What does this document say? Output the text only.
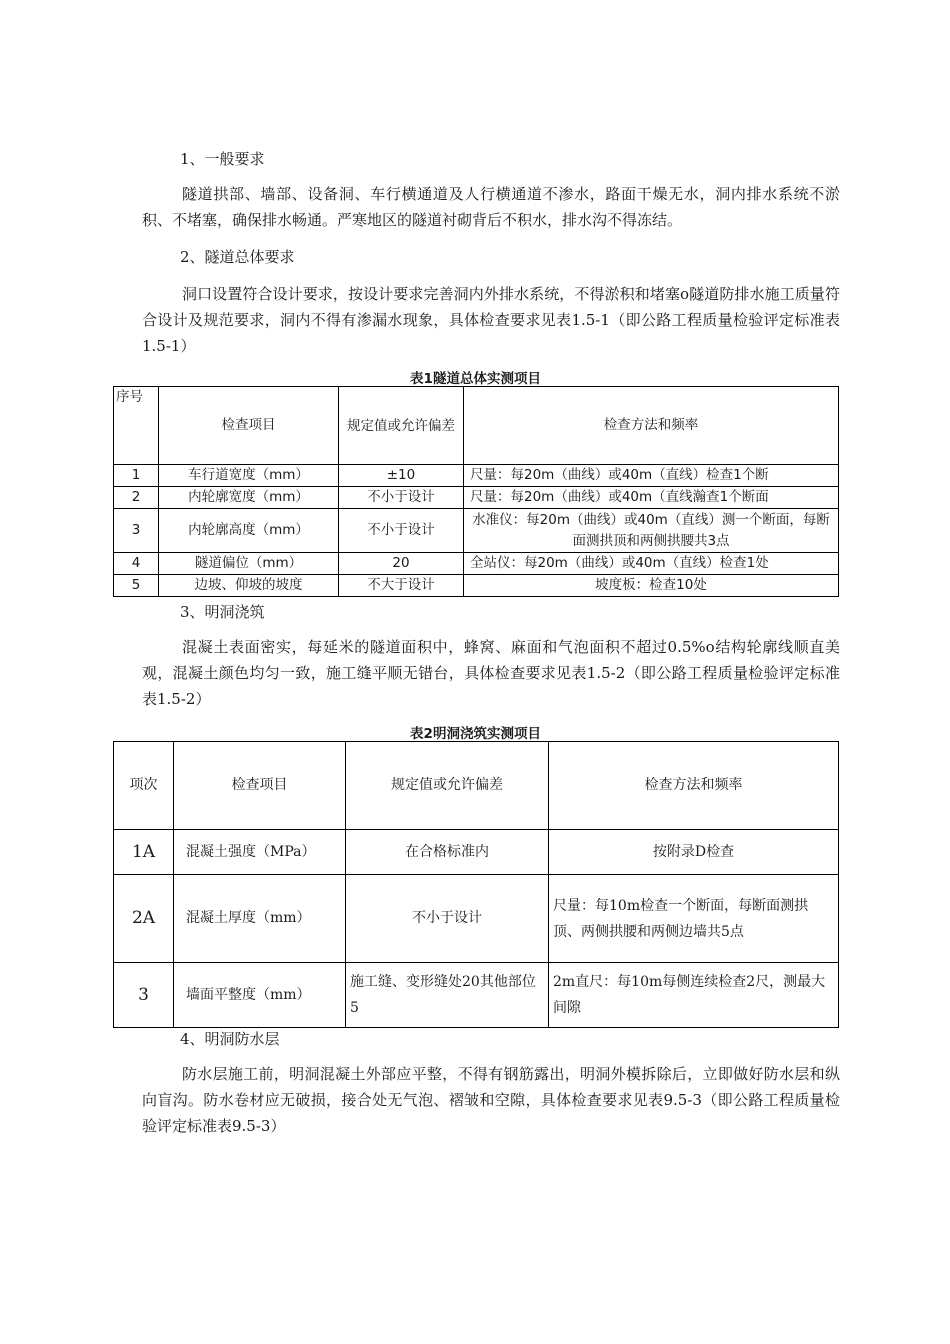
1、一般要求
隧道拱部、墙部、设备洞、车行横通道及人行横通道不渗水，路面干燥无水，洞内排水系统不淤积、不堵塞，确保排水畅通。严寒地区的隧道衬砌背后不积水，排水沟不得冻结。
2、隧道总体要求
洞口设置符合设计要求，按设计要求完善洞内外排水系统，不得淤积和堵塞o隧道防排水施工质量符合设计及规范要求，洞内不得有渗漏水现象，具体检查要求见表1.5-1（即公路工程质量检验评定标准表1.5-1）
表1隧道总体实测项目
序号	检查项目	规定值或允许偏差	检查方法和频率
1	车行道宽度（mm）	±10	尺量：每20m（曲线）或40m（直线）检查1个断
2	内轮廓宽度（mm）	不小于设计	尺量：每20m（曲线）或40m（直线瀚查1个断面
3	内轮廓高度（mm）	不小于设计	水准仪：每20m（曲线）或40m（直线）测一个断面，每断面测拱顶和两侧拱腰共3点
4	隧道偏位（mm）	20	全站仪：每20m（曲线）或40m（直线）检查1处
5	边坡、仰坡的坡度	不大于设计	坡度板：检查10处
3、明洞浇筑
混凝土表面密实，每延米的隧道面积中，蜂窝、麻面和气泡面积不超过0.5%o结构轮廓线顺直美观，混凝土颜色均匀一致，施工缝平顺无错台，具体检查要求见表1.5-2（即公路工程质量检验评定标准表1.5-2）
表2明洞浇筑实测项目
项次	检查项目	规定值或允许偏差	检查方法和频率
1A	混凝土强度（MPa）	在合格标准内	按附录D检查
2A	混凝土厚度（mm）	不小于设计	尺量：每10m检查一个断面，每断面测拱顶、两侧拱腰和两侧边墙共5点
3	墙面平整度（mm）	施工缝、变形缝处20其他部位5	2m直尺：每10m每侧连续检查2尺，测最大间隙
4、明洞防水层
防水层施工前，明洞混凝土外部应平整，不得有钢筋露出，明洞外模拆除后，立即做好防水层和纵向盲沟。防水卷材应无破损，接合处无气泡、褶皱和空隙，具体检查要求见表9.5-3（即公路工程质量检验评定标准表9.5-3）
